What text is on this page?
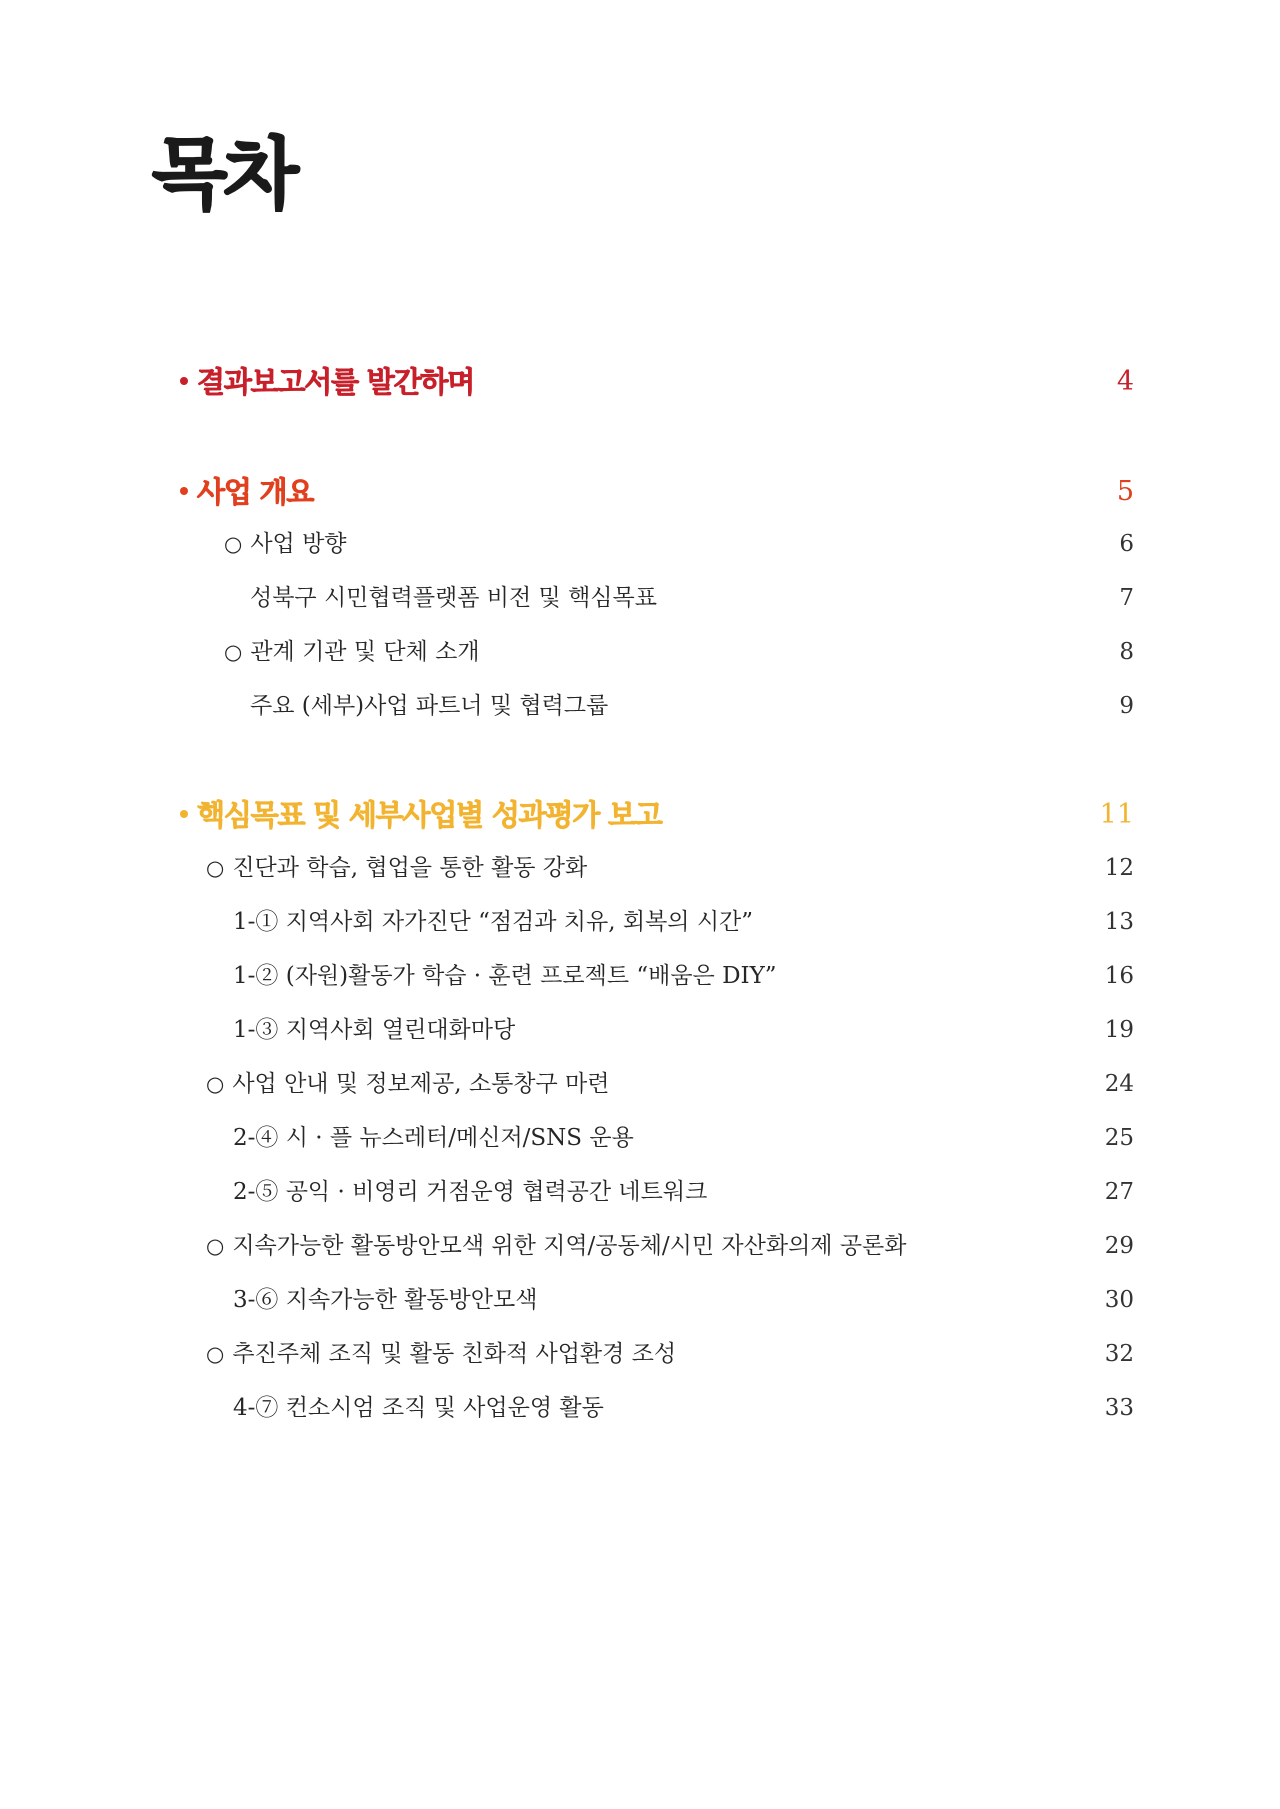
목차
결과보고서를 발간하며	4
사업 개요	5
○ 사업 방향	6
성북구 시민협력플랫폼 비전 및 핵심목표	7
○ 관계 기관 및 단체 소개	8
주요 (세부)사업 파트너 및 협력그룹	9
핵심목표 및 세부사업별 성과평가 보고	11
○ 진단과 학습, 협업을 통한 활동 강화	12
1-① 지역사회 자가진단 “점검과 치유, 회복의 시간”	13
1-② (자원)활동가 학습 · 훈련 프로젝트 “배움은 DIY”	16
1-③ 지역사회 열린대화마당	19
○ 사업 안내 및 정보제공, 소통창구 마련	24
2-④ 시 · 플 뉴스레터/메신저/SNS 운용	25
2-⑤ 공익 · 비영리 거점운영 협력공간 네트워크	27
○ 지속가능한 활동방안모색 위한 지역/공동체/시민 자산화의제 공론화	29
3-⑥ 지속가능한 활동방안모색	30
○ 추진주체 조직 및 활동 친화적 사업환경 조성	32
4-⑦ 컨소시엄 조직 및 사업운영 활동	33
